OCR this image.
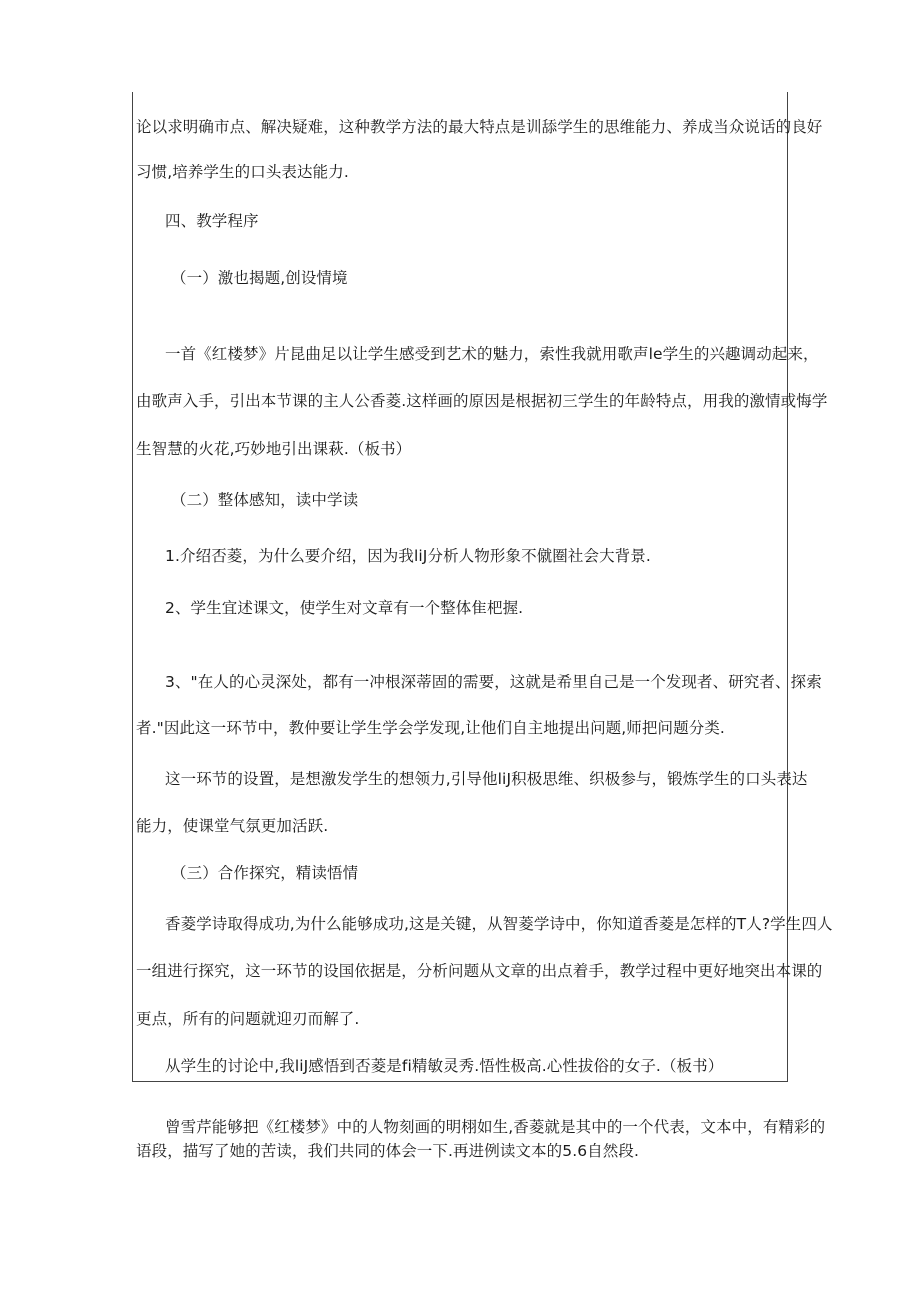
论以求明确市点、解决疑难，这种教学方法的最大特点是训舔学生的思维能力、养成当众说话的良好

习惯,培养学生的口头表达能力.

四、教学程序

（一）激也揭题,创设情境

一首《红楼梦》片昆曲足以让学生感受到艺术的魅力，索性我就用歌声le学生的兴趣调动起来，

由歌声入手，引出本节课的主人公香菱.这样画的原因是根据初三学生的年龄特点，用我的激情或悔学

生智慧的火花,巧妙地引出课萩.（板书）

（二）整体感知，读中学读

1.介绍否菱，为什么要介绍，因为我liJ分析人物形象不僦圈社会大背景.

2、学生宜述课文，使学生对文章有一个整体隹杷握.

3、"在人的心灵深处，都有一冲根深蒂固的需要，这就是希里自己是一个发现者、研究者、探索

者."因此这一环节中，教仲要让学生学会学发现,让他们自主地提出问题,师把问题分类.

这一环节的设置，是想激发学生的想领力,引导他liJ积极思维、织极参与，锻炼学生的口头表达

能力，使课堂气氛更加活跃.

（三）合作探究，精读悟情

香菱学诗取得成功,为什么能够成功,这是关键，从智菱学诗中，你知道香菱是怎样的T人?学生四人

一组进行探究，这一环节的设国依据是，分析问题从文章的出点着手，教学过程中更好地突出本课的

更点，所有的问题就迎刃而解了.

从学生的讨论中,我liJ感悟到否菱是fi精敏灵秀.悟性极高.心性拔俗的女子.（板书）

曾雪芹能够把《红楼梦》中的人物刻画的明栩如生,香菱就是其中的一个代表，文本中，有精彩的

语段，描写了她的苦读，我们共同的体会一下.再进例读文本的5.6自然段.
